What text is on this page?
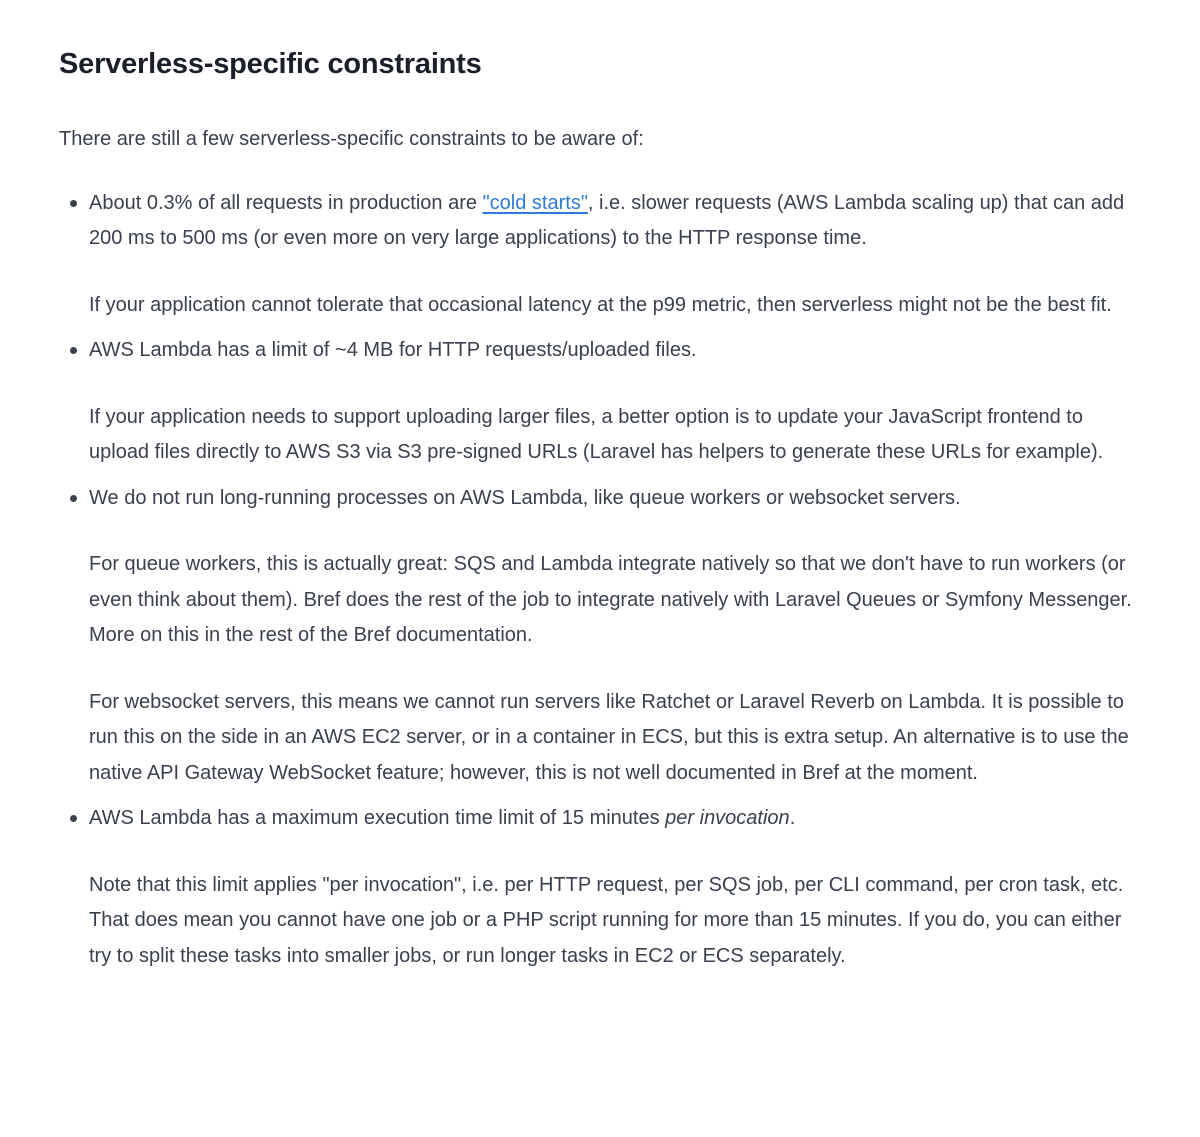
Serverless-specific constraints

There are still a few serverless-specific constraints to be aware of:

About 0.3% of all requests in production are "cold starts", i.e. slower requests (AWS Lambda scaling up) that can add 200 ms to 500 ms (or even more on very large applications) to the HTTP response time.

If your application cannot tolerate that occasional latency at the p99 metric, then serverless might not be the best fit.

AWS Lambda has a limit of ~4 MB for HTTP requests/uploaded files.

If your application needs to support uploading larger files, a better option is to update your JavaScript frontend to upload files directly to AWS S3 via S3 pre-signed URLs (Laravel has helpers to generate these URLs for example).

We do not run long-running processes on AWS Lambda, like queue workers or websocket servers.

For queue workers, this is actually great: SQS and Lambda integrate natively so that we don't have to run workers (or even think about them). Bref does the rest of the job to integrate natively with Laravel Queues or Symfony Messenger. More on this in the rest of the Bref documentation.

For websocket servers, this means we cannot run servers like Ratchet or Laravel Reverb on Lambda. It is possible to run this on the side in an AWS EC2 server, or in a container in ECS, but this is extra setup. An alternative is to use the native API Gateway WebSocket feature; however, this is not well documented in Bref at the moment.

AWS Lambda has a maximum execution time limit of 15 minutes per invocation.

Note that this limit applies "per invocation", i.e. per HTTP request, per SQS job, per CLI command, per cron task, etc. That does mean you cannot have one job or a PHP script running for more than 15 minutes. If you do, you can either try to split these tasks into smaller jobs, or run longer tasks in EC2 or ECS separately.
